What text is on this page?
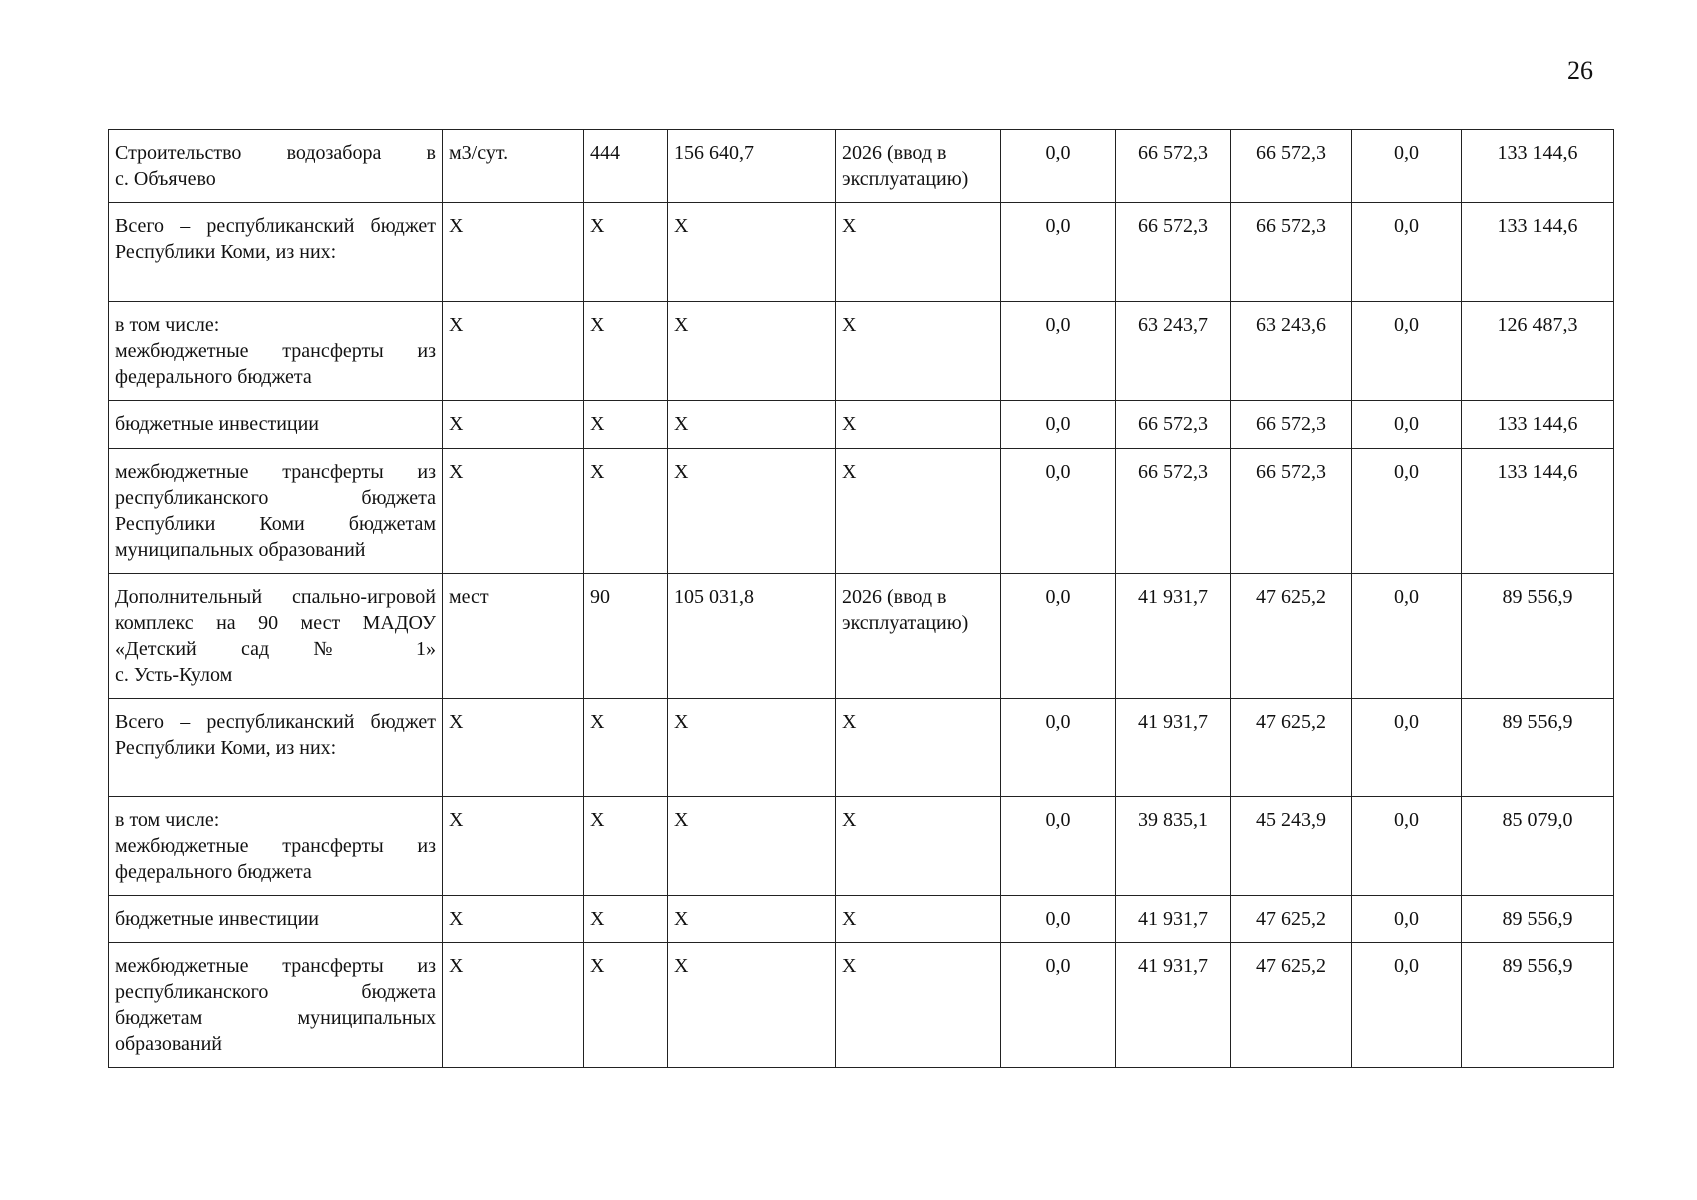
26
Строительство водозабора в
с. Объячево	м3/сут.	444	156 640,7	2026 (ввод в эксплуатацию)	0,0	66 572,3	66 572,3	0,0	133 144,6

Всего – республиканский бюджет Республики Коми, из них:	X	X	X	X	0,0	66 572,3	66 572,3	0,0	133 144,6

в том числе:
межбюджетные трансферты из федерального бюджета	X	X	X	X	0,0	63 243,7	63 243,6	0,0	126 487,3

бюджетные инвестиции	X	X	X	X	0,0	66 572,3	66 572,3	0,0	133 144,6

межбюджетные трансферты из республиканского бюджета Республики Коми бюджетам муниципальных образований	X	X	X	X	0,0	66 572,3	66 572,3	0,0	133 144,6

Дополнительный спально-игровой комплекс на 90 мест МАДОУ «Детский сад № 1»
с. Усть-Кулом	мест	90	105 031,8	2026 (ввод в эксплуатацию)	0,0	41 931,7	47 625,2	0,0	89 556,9

Всего – республиканский бюджет Республики Коми, из них:	X	X	X	X	0,0	41 931,7	47 625,2	0,0	89 556,9

в том числе:
межбюджетные трансферты из федерального бюджета	X	X	X	X	0,0	39 835,1	45 243,9	0,0	85 079,0

бюджетные инвестиции	X	X	X	X	0,0	41 931,7	47 625,2	0,0	89 556,9

межбюджетные трансферты из республиканского бюджета бюджетам муниципальных образований	X	X	X	X	0,0	41 931,7	47 625,2	0,0	89 556,9
